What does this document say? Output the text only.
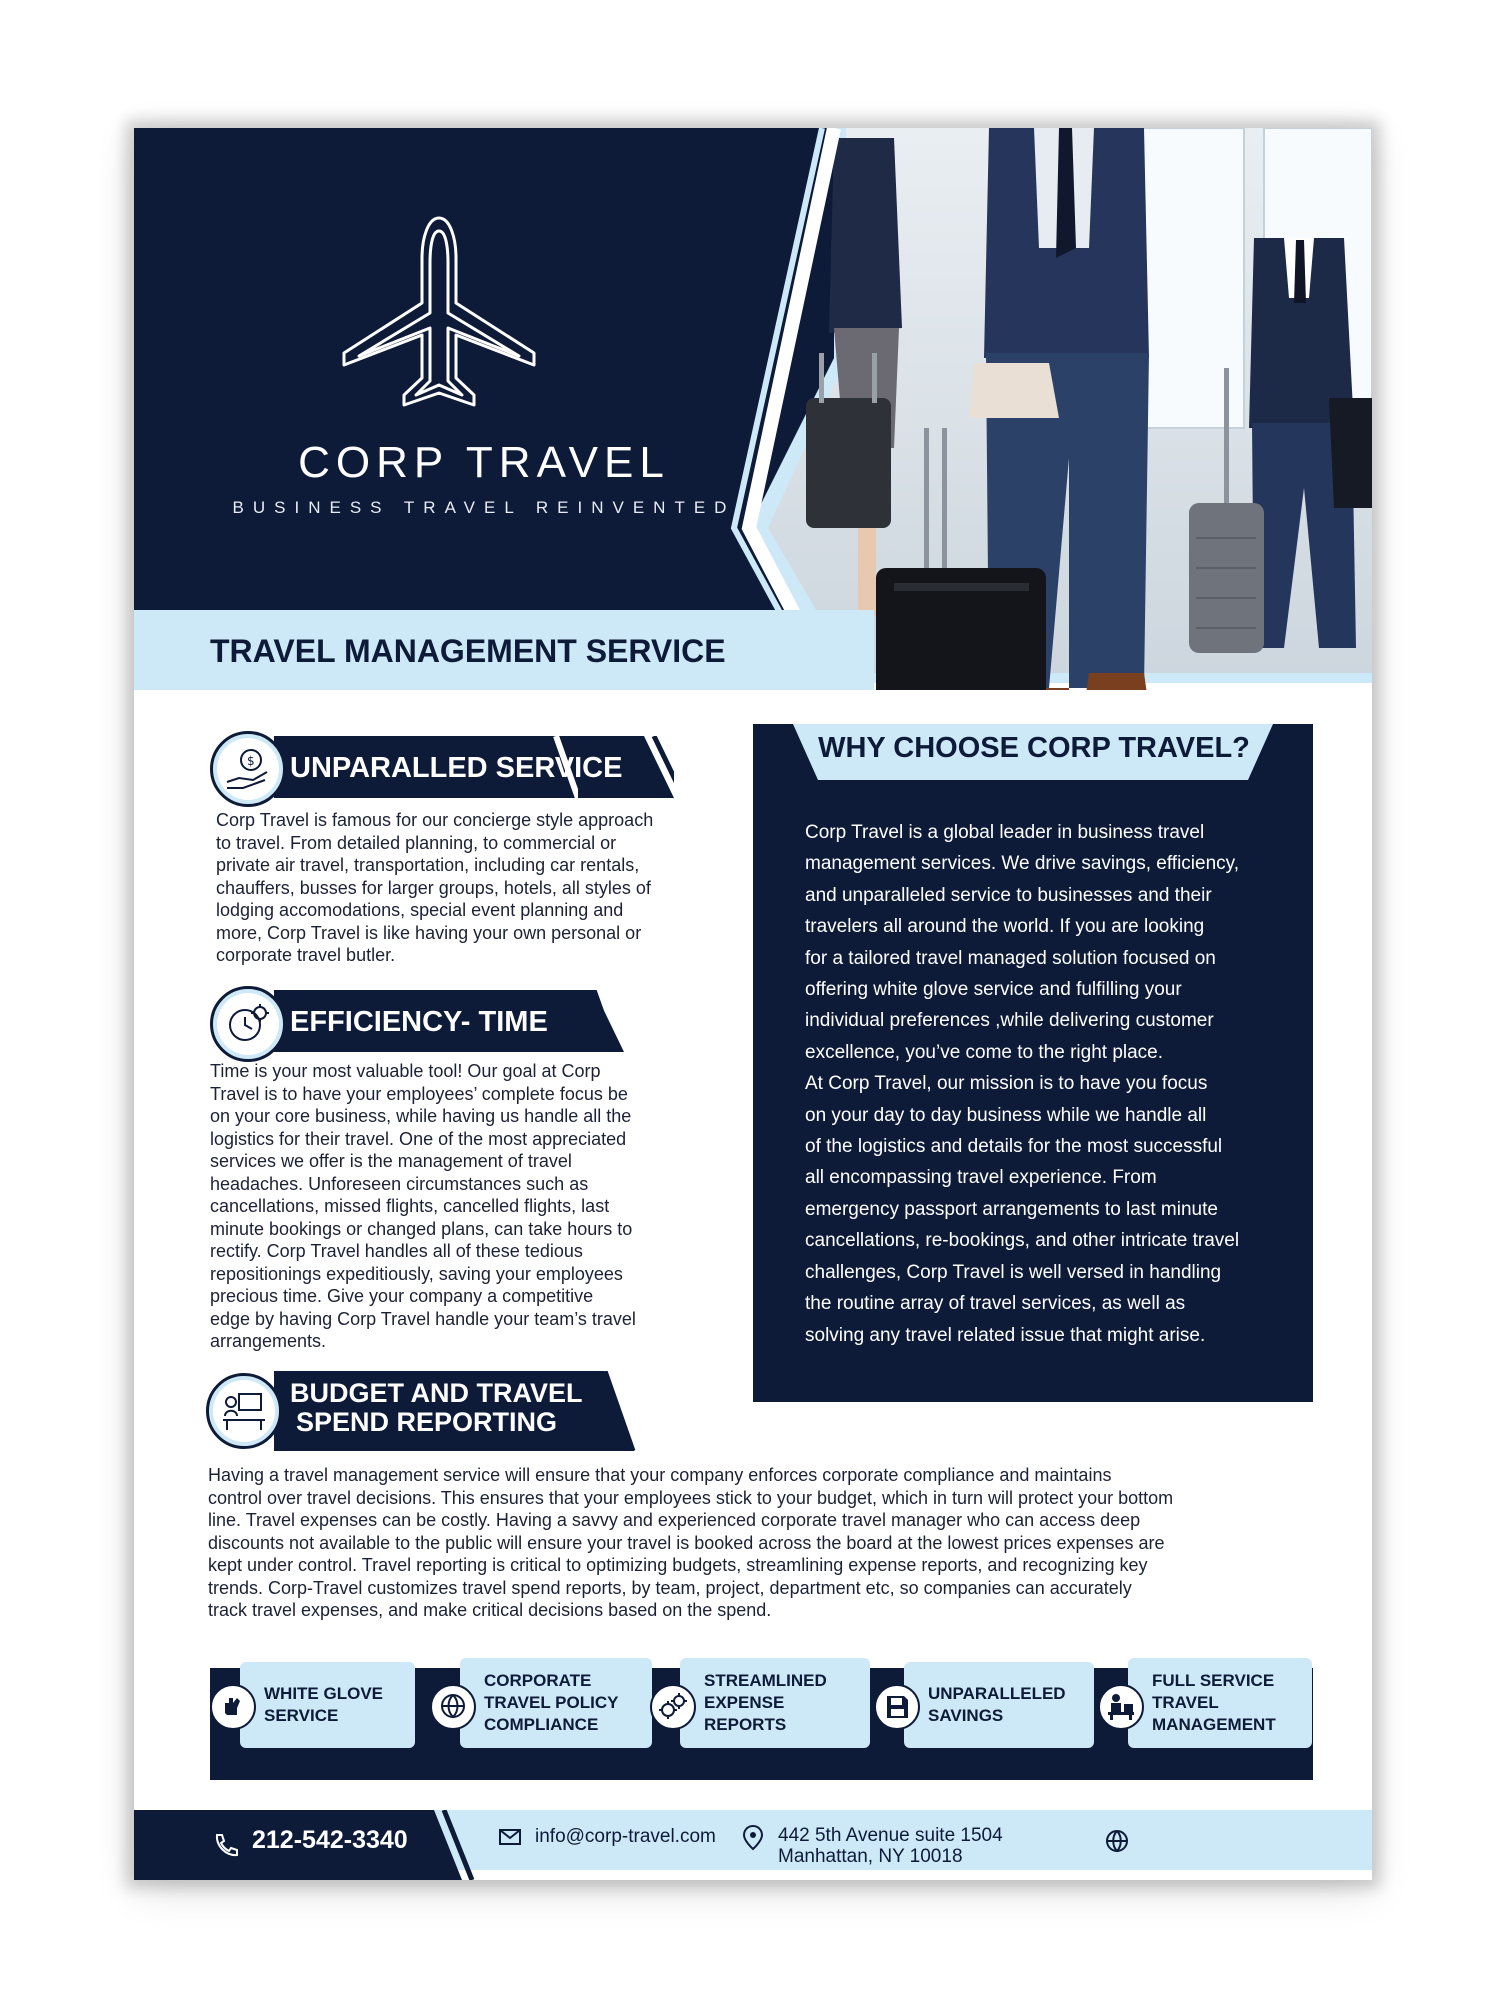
CORP TRAVEL
BUSINESS TRAVEL REINVENTED
TRAVEL MANAGEMENT SERVICE
$ UNPARALLED SERVICE
Corp Travel is famous for our concierge style approach
to travel. From detailed planning, to commercial or
private air travel, transportation, including car rentals,
chauffers, busses for larger groups, hotels, all styles of
lodging accomodations, special event planning and
more, Corp Travel is like having your own personal or
corporate travel butler.
EFFICIENCY- TIME
Time is your most valuable tool! Our goal at Corp
Travel is to have your employees’ complete focus be
on your core business, while having us handle all the
logistics for their travel. One of the most appreciated
services we offer is the management of travel
headaches. Unforeseen circumstances such as
cancellations, missed flights, cancelled flights, last
minute bookings or changed plans, can take hours to
rectify. Corp Travel handles all of these tedious
repositionings expeditiously, saving your employees
precious time. Give your company a competitive
edge by having Corp Travel handle your team’s travel
arrangements.
BUDGET AND TRAVEL
SPEND REPORTING
Having a travel management service will ensure that your company enforces corporate compliance and maintains
control over travel decisions. This ensures that your employees stick to your budget, which in turn will protect your bottom
line. Travel expenses can be costly. Having a savvy and experienced corporate travel manager who can access deep
discounts not available to the public will ensure your travel is booked across the board at the lowest prices expenses are
kept under control. Travel reporting is critical to optimizing budgets, streamlining expense reports, and recognizing key
trends. Corp-Travel customizes travel spend reports, by team, project, department etc, so companies can accurately
track travel expenses, and make critical decisions based on the spend.
WHY CHOOSE CORP TRAVEL?
Corp Travel is a global leader in business travel
management services. We drive savings, efficiency,
and unparalleled service to businesses and their
travelers all around the world. If you are looking
for a tailored travel managed solution focused on
offering white glove service and fulfilling your
individual preferences ,while delivering customer
excellence, you’ve come to the right place.
At Corp Travel, our mission is to have you focus
on your day to day business while we handle all
of the logistics and details for the most successful
all encompassing travel experience. From
emergency passport arrangements to last minute
cancellations, re-bookings, and other intricate travel
challenges, Corp Travel is well versed in handling
the routine array of travel services, as well as
solving any travel related issue that might arise.
WHITE GLOVE
SERVICE
CORPORATE
TRAVEL POLICY
COMPLIANCE
STREAMLINED
EXPENSE
REPORTS
UNPARALLELED
SAVINGS
FULL SERVICE
TRAVEL
MANAGEMENT
212-542-3340	info@corp-travel.com	442 5th Avenue suite 1504
Manhattan, NY 10018
